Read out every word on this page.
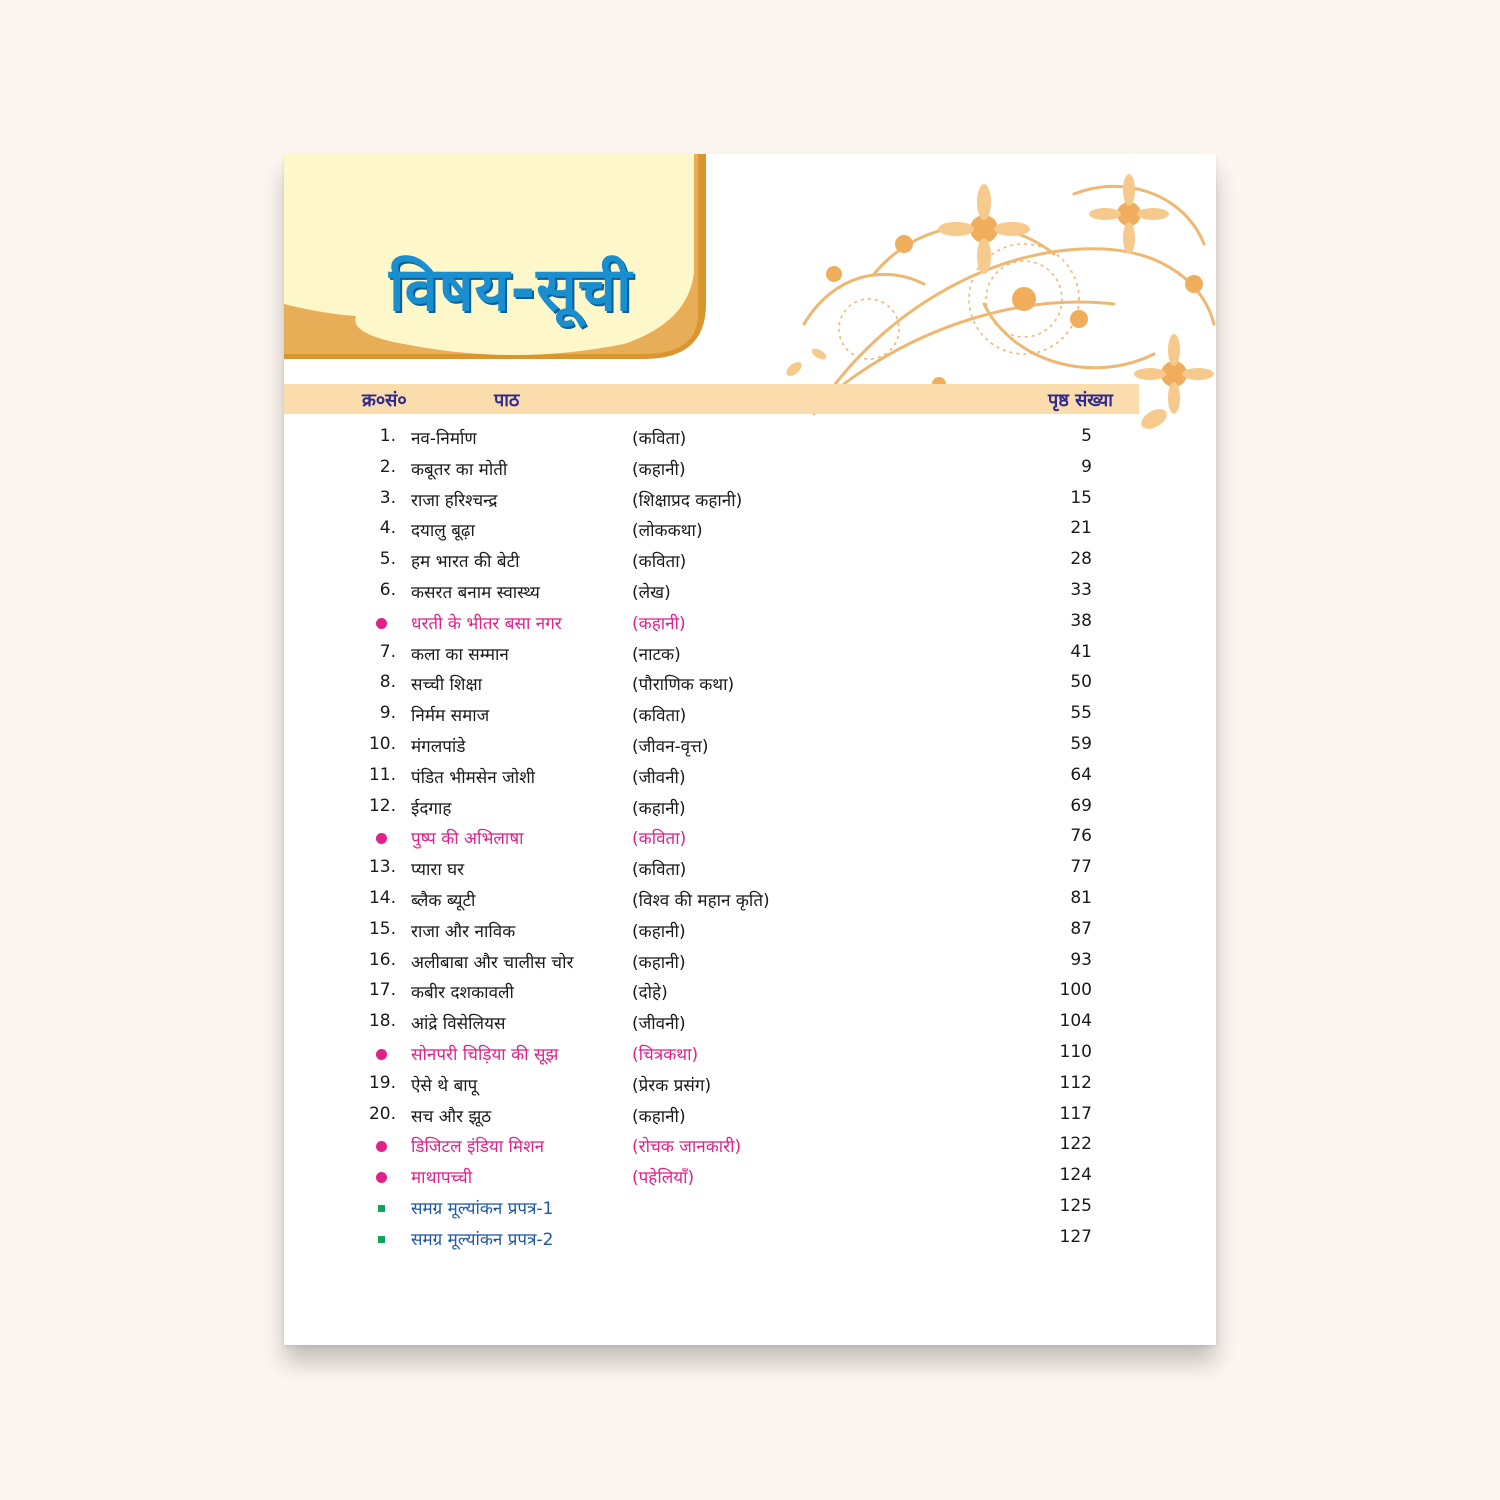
विषय-सूची
क्र०सं०	पाठ	पृष्ठ संख्या
1. नव-निर्माण	(कविता)	5
2. कबूतर का मोती	(कहानी)	9
3. राजा हरिश्चन्द्र	(शिक्षाप्रद कहानी)	15
4. दयालु बूढ़ा	(लोककथा)	21
5. हम भारत की बेटी	(कविता)	28
6. कसरत बनाम स्वास्थ्य	(लेख)	33
धरती के भीतर बसा नगर	(कहानी)	38
7. कला का सम्मान	(नाटक)	41
8. सच्ची शिक्षा	(पौराणिक कथा)	50
9. निर्मम समाज	(कविता)	55
10. मंगलपांडे	(जीवन-वृत्त)	59
11. पंडित भीमसेन जोशी	(जीवनी)	64
12. ईदगाह	(कहानी)	69
पुष्प की अभिलाषा	(कविता)	76
13. प्यारा घर	(कविता)	77
14. ब्लैक ब्यूटी	(विश्व की महान कृति)	81
15. राजा और नाविक	(कहानी)	87
16. अलीबाबा और चालीस चोर	(कहानी)	93
17. कबीर दशकावली	(दोहे)	100
18. आंद्रे विसेलियस	(जीवनी)	104
सोनपरी चिड़िया की सूझ	(चित्रकथा)	110
19. ऐसे थे बापू	(प्रेरक प्रसंग)	112
20. सच और झूठ	(कहानी)	117
डिजिटल इंडिया मिशन	(रोचक जानकारी)	122
माथापच्ची	(पहेलियाँ)	124
समग्र मूल्यांकन प्रपत्र-1	125
समग्र मूल्यांकन प्रपत्र-2	127
